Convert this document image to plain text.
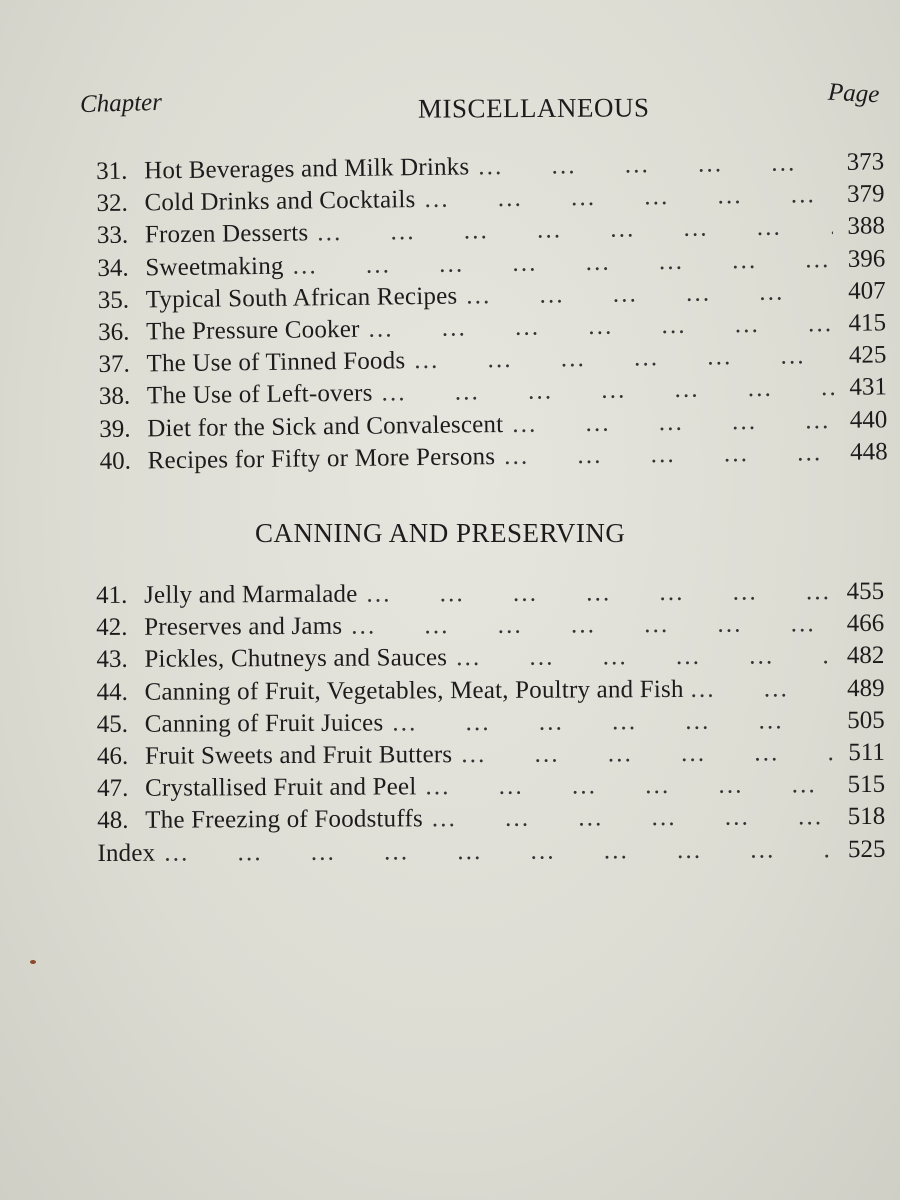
Chapter	Page
MISCELLANEOUS
31. Hot Beverages and Milk Drinks … … … … … … … … … … … …	373
32. Cold Drinks and Cocktails … … … … … … … … … … … …	379
33. Frozen Desserts … … … … … … … … … … … …	388
34. Sweetmaking … … … … … … … … … … … …	396
35. Typical South African Recipes … … … … … … … … … … … …	407
36. The Pressure Cooker … … … … … … … … … … … …	415
37. The Use of Tinned Foods … … … … … … … … … … … …	425
38. The Use of Left-overs … … … … … … … … … … … …	431
39. Diet for the Sick and Convalescent … … … … … … … … … … … …	440
40. Recipes for Fifty or More Persons … … … … … … … … … … … …	448
CANNING AND PRESERVING
41. Jelly and Marmalade … … … … … … … … … … … …	455
42. Preserves and Jams … … … … … … … … … … … …	466
43. Pickles, Chutneys and Sauces … … … … … … … … … … … …	482
44. Canning of Fruit, Vegetables, Meat, Poultry and Fish … … … … … … … … … … … …	489
45. Canning of Fruit Juices … … … … … … … … … … … …	505
46. Fruit Sweets and Fruit Butters … … … … … … … … … … … …	511
47. Crystallised Fruit and Peel … … … … … … … … … … … …	515
48. The Freezing of Foodstuffs … … … … … … … … … … … …	518
Index … … … … … … … … … … … …	525
